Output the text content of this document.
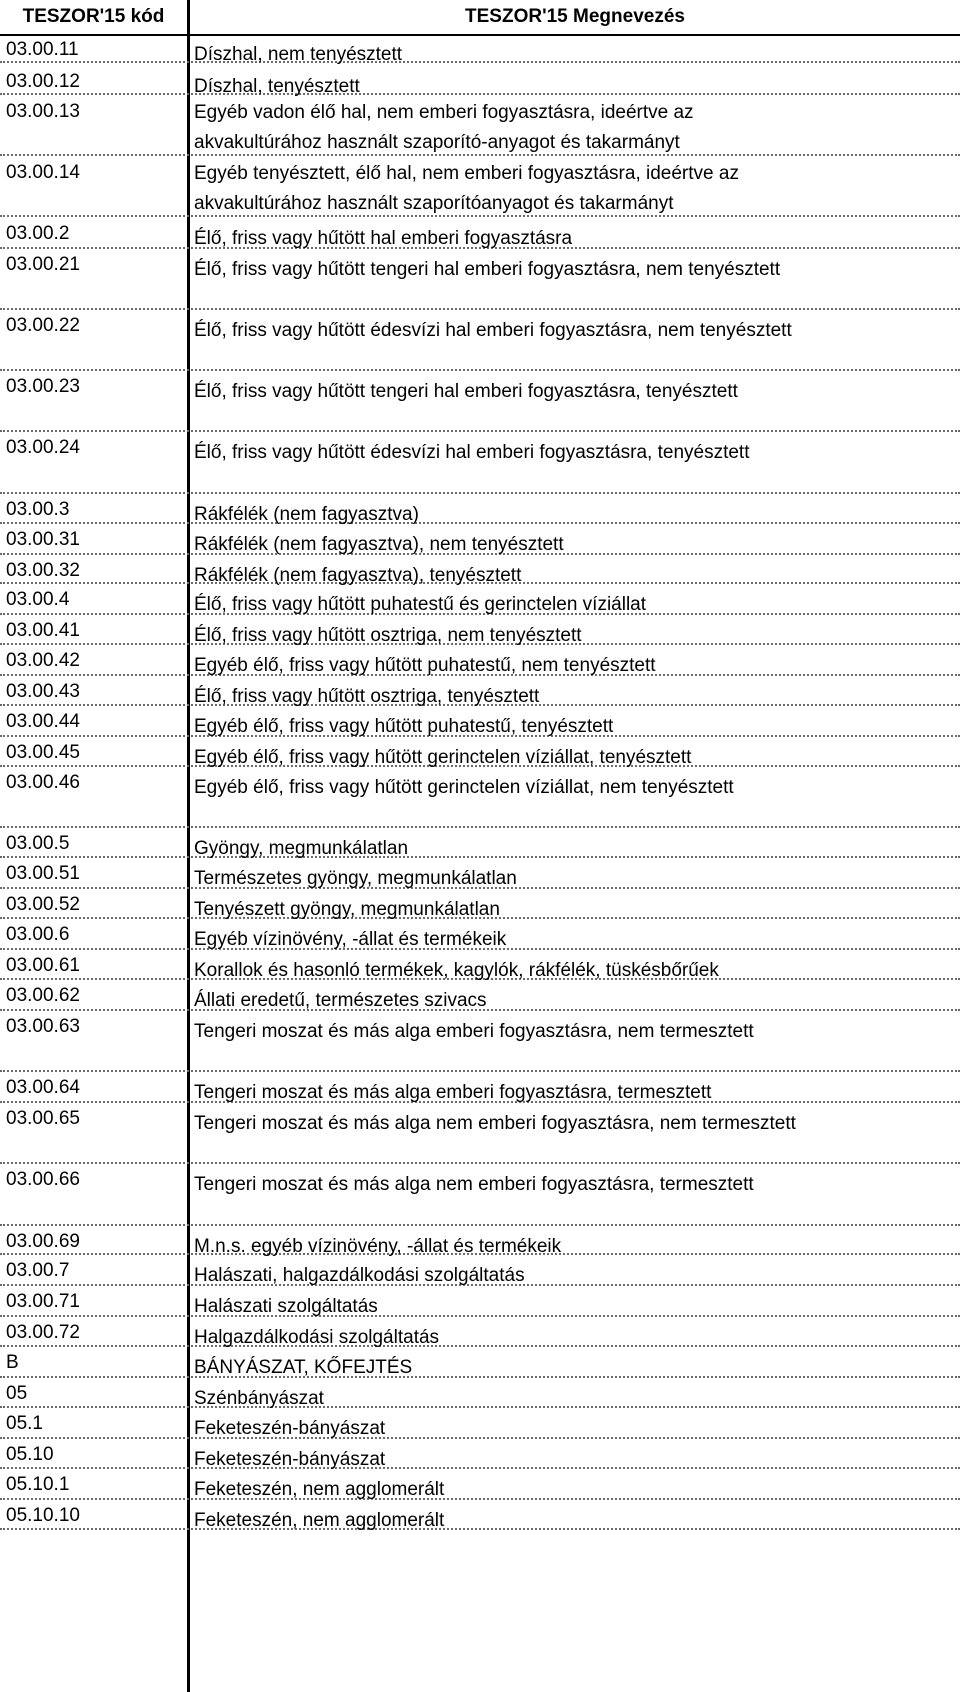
TESZOR'15 kód	TESZOR'15 Megnevezés
03.00.11	Díszhal, nem tenyésztett
03.00.12	Díszhal, tenyésztett
03.00.13	Egyéb vadon élő hal, nem emberi fogyasztásra, ideértve az akvakultúrához használt szaporító-anyagot és takarmányt
03.00.14	Egyéb tenyésztett, élő hal, nem emberi fogyasztásra, ideértve az akvakultúrához használt szaporítóanyagot és takarmányt
03.00.2	Élő, friss vagy hűtött hal emberi fogyasztásra
03.00.21	Élő, friss vagy hűtött tengeri hal emberi fogyasztásra, nem tenyésztett
03.00.22	Élő, friss vagy hűtött édesvízi hal emberi fogyasztásra, nem tenyésztett
03.00.23	Élő, friss vagy hűtött tengeri hal emberi fogyasztásra, tenyésztett
03.00.24	Élő, friss vagy hűtött édesvízi hal emberi fogyasztásra, tenyésztett
03.00.3	Rákfélék (nem fagyasztva)
03.00.31	Rákfélék (nem fagyasztva), nem tenyésztett
03.00.32	Rákfélék (nem fagyasztva), tenyésztett
03.00.4	Élő, friss vagy hűtött puhatestű és gerinctelen víziállat
03.00.41	Élő, friss vagy hűtött osztriga, nem tenyésztett
03.00.42	Egyéb élő, friss vagy hűtött puhatestű, nem tenyésztett
03.00.43	Élő, friss vagy hűtött osztriga, tenyésztett
03.00.44	Egyéb élő, friss vagy hűtött puhatestű, tenyésztett
03.00.45	Egyéb élő, friss vagy hűtött gerinctelen víziállat, tenyésztett
03.00.46	Egyéb élő, friss vagy hűtött gerinctelen víziállat, nem tenyésztett
03.00.5	Gyöngy, megmunkálatlan
03.00.51	Természetes gyöngy, megmunkálatlan
03.00.52	Tenyészett gyöngy, megmunkálatlan
03.00.6	Egyéb vízinövény, -állat és termékeik
03.00.61	Korallok és hasonló termékek, kagylók, rákfélék, tüskésbőrűek
03.00.62	Állati eredetű, természetes szivacs
03.00.63	Tengeri moszat és más alga emberi fogyasztásra, nem termesztett
03.00.64	Tengeri moszat és más alga emberi fogyasztásra, termesztett
03.00.65	Tengeri moszat és más alga nem emberi fogyasztásra, nem termesztett
03.00.66	Tengeri moszat és más alga nem emberi fogyasztásra, termesztett
03.00.69	M.n.s. egyéb vízinövény, -állat és termékeik
03.00.7	Halászati, halgazdálkodási szolgáltatás
03.00.71	Halászati szolgáltatás
03.00.72	Halgazdálkodási szolgáltatás
B	BÁNYÁSZAT, KŐFEJTÉS
05	Szénbányászat
05.1	Feketeszén-bányászat
05.10	Feketeszén-bányászat
05.10.1	Feketeszén, nem agglomerált
05.10.10	Feketeszén, nem agglomerált
